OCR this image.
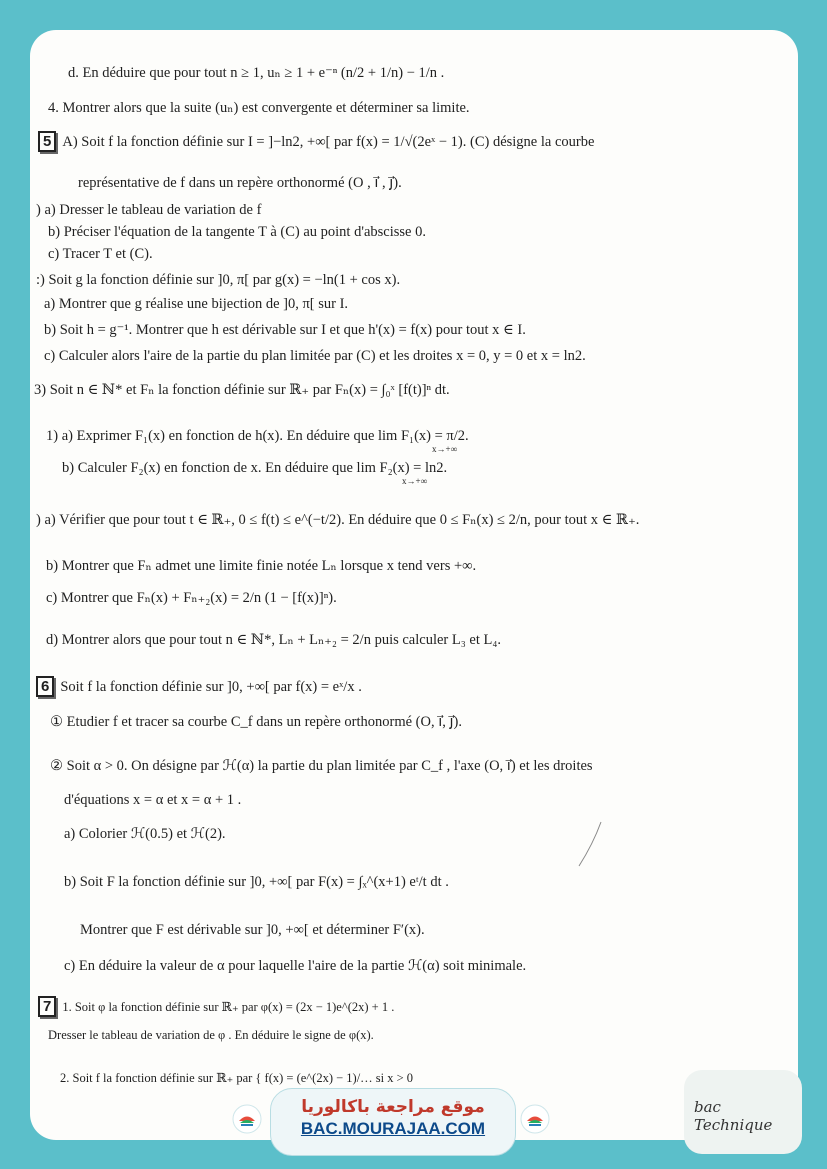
d. En déduire que pour tout n ≥ 1, uₙ ≥ 1 + e⁻ⁿ (n/2 + 1/n) − 1/n .
4. Montrer alors que la suite (uₙ) est convergente et déterminer sa limite.
5 A) Soit f la fonction définie sur I = ]−ln2, +∞[ par f(x) = 1/√(2eˣ − 1). (C) désigne la courbe
représentative de f dans un repère orthonormé (O , i⃗ , j⃗).
) a) Dresser le tableau de variation de f
b) Préciser l'équation de la tangente T à (C) au point d'abscisse 0.
c) Tracer T et (C).
:) Soit g la fonction définie sur ]0, π[ par g(x) = −ln(1 + cos x).
a) Montrer que g réalise une bijection de ]0, π[ sur I.
b) Soit h = g⁻¹. Montrer que h est dérivable sur I et que h'(x) = f(x) pour tout x ∈ I.
c) Calculer alors l'aire de la partie du plan limitée par (C) et les droites x = 0, y = 0 et x = ln2.
3) Soit n ∈ ℕ* et Fₙ la fonction définie sur ℝ₊ par Fₙ(x) = ∫₀ˣ [f(t)]ⁿ dt.
1) a) Exprimer F₁(x) en fonction de h(x). En déduire que lim F₁(x) = π/2.
x→+∞
b) Calculer F₂(x) en fonction de x. En déduire que lim F₂(x) = ln2.
x→+∞
) a) Vérifier que pour tout t ∈ ℝ₊, 0 ≤ f(t) ≤ e^(−t/2). En déduire que 0 ≤ Fₙ(x) ≤ 2/n, pour tout x ∈ ℝ₊.
b) Montrer que Fₙ admet une limite finie notée Lₙ lorsque x tend vers +∞.
c) Montrer que Fₙ(x) + Fₙ₊₂(x) = 2/n (1 − [f(x)]ⁿ).
d) Montrer alors que pour tout n ∈ ℕ*, Lₙ + Lₙ₊₂ = 2/n puis calculer L₃ et L₄.
6 Soit f la fonction définie sur ]0, +∞[ par f(x) = eˣ/x .
① Etudier f et tracer sa courbe C_f dans un repère orthonormé (O, i⃗, j⃗).
② Soit α > 0. On désigne par ℋ(α) la partie du plan limitée par C_f , l'axe (O, i⃗) et les droites
d'équations x = α et x = α + 1 .
a) Colorier ℋ(0.5) et ℋ(2).
b) Soit F la fonction définie sur ]0, +∞[ par F(x) = ∫ₓ^(x+1) eᵗ/t dt .
Montrer que F est dérivable sur ]0, +∞[ et déterminer F′(x).
c) En déduire la valeur de α pour laquelle l'aire de la partie ℋ(α) soit minimale.
7 1. Soit φ la fonction définie sur ℝ₊ par φ(x) = (2x − 1)e^(2x) + 1 .
Dresser le tableau de variation de φ . En déduire le signe de φ(x).
2. Soit f la fonction définie sur ℝ₊ par { f(x) = (e^(2x) − 1)/… si x > 0
موقع مراجعة باكالوريا
BAC.MOURAJAA.COM
bac Technique
